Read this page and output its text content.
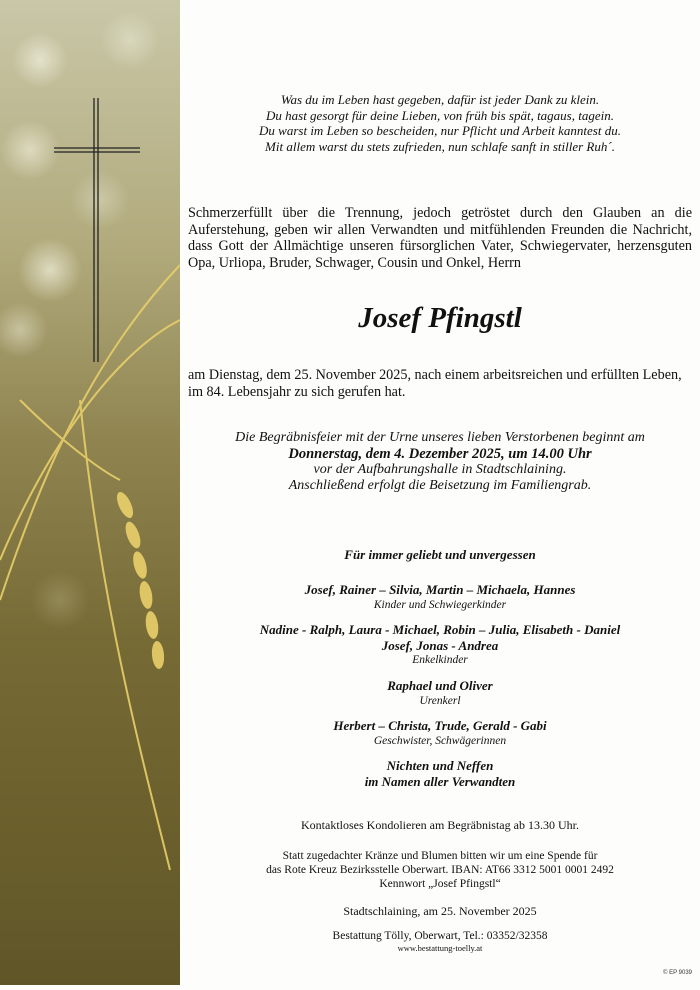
Was du im Leben hast gegeben, dafür ist jeder Dank zu klein.
Du hast gesorgt für deine Lieben, von früh bis spät, tagaus, tagein.
Du warst im Leben so bescheiden, nur Pflicht und Arbeit kanntest du.
Mit allem warst du stets zufrieden, nun schlafe sanft in stiller Ruh´.
Schmerzerfüllt über die Trennung, jedoch getröstet durch den Glauben an die Auferstehung, geben wir allen Verwandten und mitfühlenden Freunden die Nachricht, dass Gott der Allmächtige unseren fürsorglichen Vater, Schwiegervater, herzensguten Opa, Urliopa, Bruder, Schwager, Cousin und Onkel, Herrn
Josef Pfingstl
am Dienstag, dem 25. November 2025, nach einem arbeitsreichen und erfüllten Leben,
im 84. Lebensjahr zu sich gerufen hat.
Die Begräbnisfeier mit der Urne unseres lieben Verstorbenen beginnt am
Donnerstag, dem 4. Dezember 2025, um 14.00 Uhr
vor der Aufbahrungshalle in Stadtschlaining.
Anschließend erfolgt die Beisetzung im Familiengrab.
Für immer geliebt und unvergessen
Josef, Rainer – Silvia, Martin – Michaela, Hannes
Kinder und Schwiegerkinder
Nadine - Ralph, Laura - Michael, Robin – Julia, Elisabeth - Daniel
Josef, Jonas - Andrea
Enkelkinder
Raphael und Oliver
Urenkerl
Herbert – Christa, Trude, Gerald - Gabi
Geschwister, Schwägerinnen
Nichten und Neffen
im Namen aller Verwandten
Kontaktloses Kondolieren am Begräbnistag ab 13.30 Uhr.
Statt zugedachter Kränze und Blumen bitten wir um eine Spende für
das Rote Kreuz Bezirksstelle Oberwart. IBAN: AT66 3312 5001 0001 2492
Kennwort „Josef Pfingstl“
Stadtschlaining, am 25. November 2025
Bestattung Tölly, Oberwart, Tel.: 03352/32358
www.bestattung-toelly.at
© EP 9039
